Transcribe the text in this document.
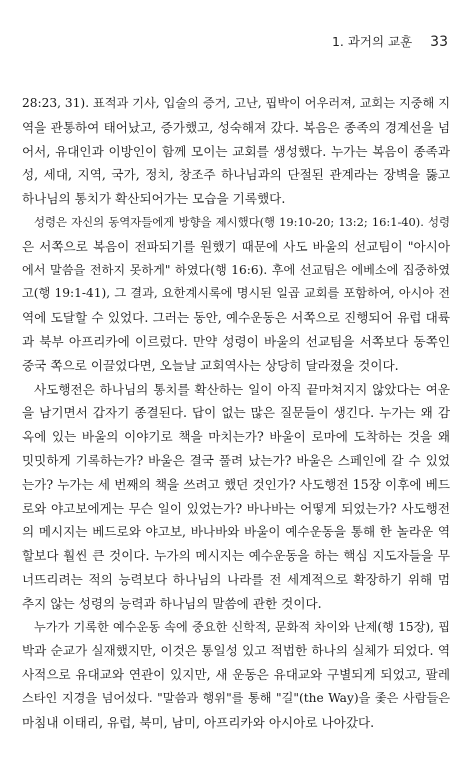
1. 과거의 교훈 33
28:23, 31). 표적과 기사, 입술의 증거, 고난, 핍박이 어우러져, 교회는 지중해 지
역을 관통하여 태어났고, 증가했고, 성숙해져 갔다. 복음은 종족의 경계선을 넘
어서, 유대인과 이방인이 함께 모이는 교회를 생성했다. 누가는 복음이 종족과
성, 세대, 지역, 국가, 정치, 창조주 하나님과의 단절된 관계라는 장벽을 뚫고
하나님의 통치가 확산되어가는 모습을 기록했다.
성령은 자신의 동역자들에게 방향을 제시했다(행 19:10-20; 13:2; 16:1-40). 성령
은 서쪽으로 복음이 전파되기를 원했기 때문에 사도 바울의 선교팀이 "아시아
에서 말씀을 전하지 못하게" 하였다(행 16:6). 후에 선교팀은 에베소에 집중하였
고(행 19:1-41), 그 결과, 요한계시록에 명시된 일곱 교회를 포함하여, 아시아 전
역에 도달할 수 있었다. 그러는 동안, 예수운동은 서쪽으로 진행되어 유럽 대륙
과 북부 아프리카에 이르렀다. 만약 성령이 바울의 선교팀을 서쪽보다 동쪽인
중국 쪽으로 이끌었다면, 오늘날 교회역사는 상당히 달라졌을 것이다.
사도행전은 하나님의 통치를 확산하는 일이 아직 끝마쳐지지 않았다는 여운
을 남기면서 갑자기 종결된다. 답이 없는 많은 질문들이 생긴다. 누가는 왜 감
옥에 있는 바울의 이야기로 책을 마치는가? 바울이 로마에 도착하는 것을 왜
밋밋하게 기록하는가? 바울은 결국 풀려 났는가? 바울은 스페인에 갈 수 있었
는가? 누가는 세 번째의 책을 쓰려고 했던 것인가? 사도행전 15장 이후에 베드
로와 야고보에게는 무슨 일이 있었는가? 바나바는 어떻게 되었는가? 사도행전
의 메시지는 베드로와 야고보, 바나바와 바울이 예수운동을 통해 한 놀라운 역
할보다 훨씬 큰 것이다. 누가의 메시지는 예수운동을 하는 핵심 지도자들을 무
너뜨리려는 적의 능력보다 하나님의 나라를 전 세계적으로 확장하기 위해 멈
추지 않는 성령의 능력과 하나님의 말씀에 관한 것이다.
누가가 기록한 예수운동 속에 중요한 신학적, 문화적 차이와 난제(행 15장), 핍
박과 순교가 실재했지만, 이것은 통일성 있고 적법한 하나의 실체가 되었다. 역
사적으로 유대교와 연관이 있지만, 새 운동은 유대교와 구별되게 되었고, 팔레
스타인 지경을 넘어섰다. "말씀과 행위"를 통해 "길"(the Way)을 좇은 사람들은
마침내 이태리, 유럽, 북미, 남미, 아프리카와 아시아로 나아갔다.
